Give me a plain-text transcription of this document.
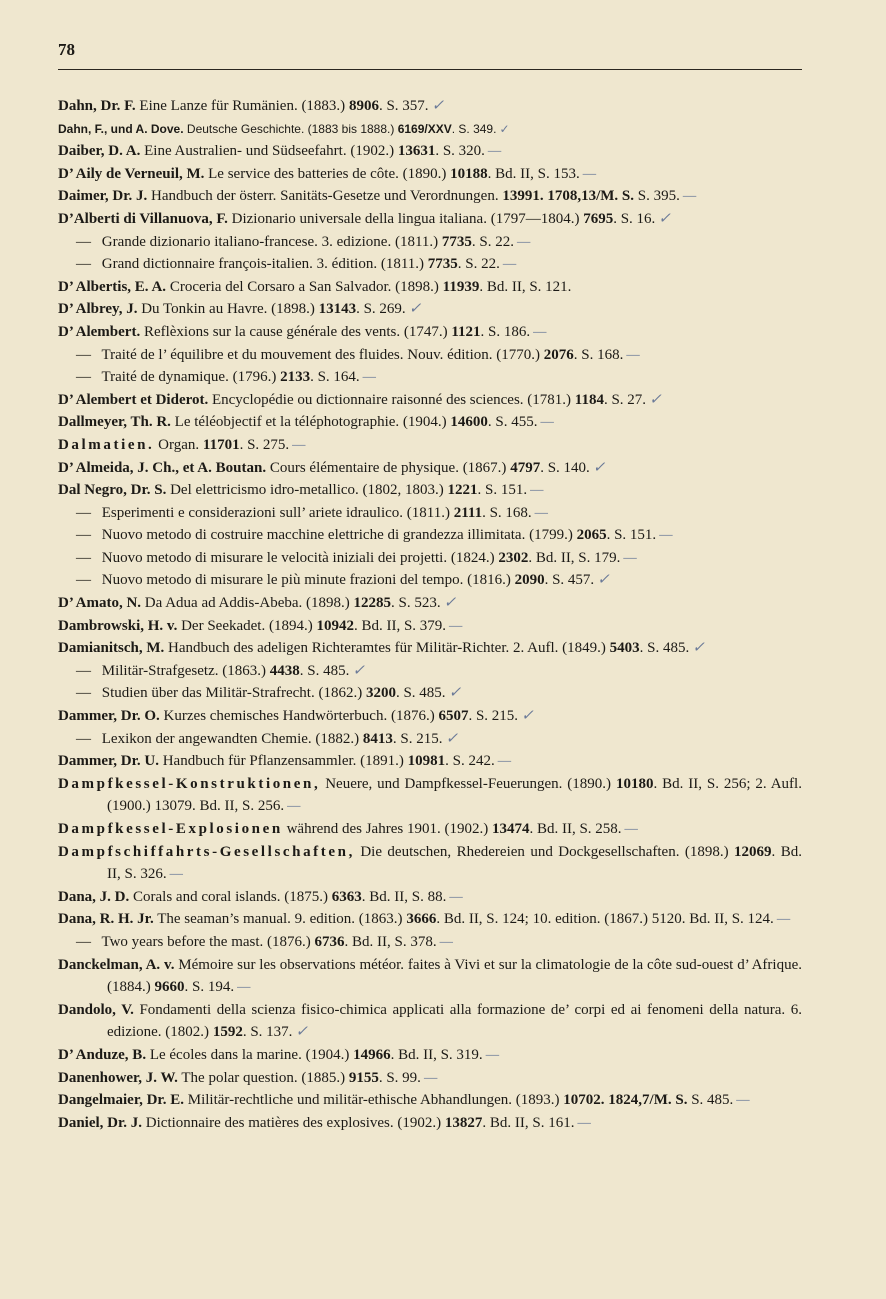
78
Dahn, Dr. F. Eine Lanze für Rumänien. (1883.) 8906. S. 357. ✓
Dahn, F., und A. Dove. Deutsche Geschichte. (1883 bis 1888.) 6169/XXV. S. 349. ✓
Daiber, D. A. Eine Australien- und Südseefahrt. (1902.) 13631. S. 320. —
D’ Aily de Verneuil, M. Le service des batteries de côte. (1890.) 10188. Bd. II, S. 153. —
Daimer, Dr. J. Handbuch der österr. Sanitäts-Gesetze und Verordnungen. 13991. 1708,13/M. S. S. 395. —
D’Alberti di Villanuova, F. Dizionario universale della lingua italiana. (1797—1804.) 7695. S. 16. ✓
— Grande dizionario italiano-francese. 3. edizione. (1811.) 7735. S. 22. —
— Grand dictionnaire françois-italien. 3. édition. (1811.) 7735. S. 22. —
D’ Albertis, E. A. Croceria del Corsaro a San Salvador. (1898.) 11939. Bd. II, S. 121.
D’ Albrey, J. Du Tonkin au Havre. (1898.) 13143. S. 269. ✓
D’ Alembert. Reflèxions sur la cause générale des vents. (1747.) 1121. S. 186. —
— Traité de l’ équilibre et du mouvement des fluides. Nouv. édition. (1770.) 2076. S. 168. —
— Traité de dynamique. (1796.) 2133. S. 164. —
D’ Alembert et Diderot. Encyclopédie ou dictionnaire raisonné des sciences. (1781.) 1184. S. 27. ✓
Dallmeyer, Th. R. Le téléobjectif et la téléphotographie. (1904.) 14600. S. 455. —
Dalmatien. Organ. 11701. S. 275. —
D’ Almeida, J. Ch., et A. Boutan. Cours élémentaire de physique. (1867.) 4797. S. 140. ✓
Dal Negro, Dr. S. Del elettricismo idro-metallico. (1802, 1803.) 1221. S. 151. —
— Esperimenti e considerazioni sull’ ariete idraulico. (1811.) 2111. S. 168. —
— Nuovo metodo di costruire macchine elettriche di grandezza illimitata. (1799.) 2065. S. 151. —
— Nuovo metodo di misurare le velocità iniziali dei projetti. (1824.) 2302. Bd. II, S. 179. —
— Nuovo metodo di misurare le più minute frazioni del tempo. (1816.) 2090. S. 457. ✓
D’ Amato, N. Da Adua ad Addis-Abeba. (1898.) 12285. S. 523. ✓
Dambrowski, H. v. Der Seekadet. (1894.) 10942. Bd. II, S. 379. —
Damianitsch, M. Handbuch des adeligen Richteramtes für Militär-Richter. 2. Aufl. (1849.) 5403. S. 485. ✓
— Militär-Strafgesetz. (1863.) 4438. S. 485. ✓
— Studien über das Militär-Strafrecht. (1862.) 3200. S. 485. ✓
Dammer, Dr. O. Kurzes chemisches Handwörterbuch. (1876.) 6507. S. 215. ✓
— Lexikon der angewandten Chemie. (1882.) 8413. S. 215. ✓
Dammer, Dr. U. Handbuch für Pflanzensammler. (1891.) 10981. S. 242. —
Dampfkessel-Konstruktionen, Neuere, und Dampfkessel-Feuerungen. (1890.) 10180. Bd. II, S. 256; 2. Aufl. (1900.) 13079. Bd. II, S. 256. —
Dampfkessel-Explosionen während des Jahres 1901. (1902.) 13474. Bd. II, S. 258. —
Dampfschiffahrts-Gesellschaften, Die deutschen, Rhedereien und Dockgesellschaften. (1898.) 12069. Bd. II, S. 326. —
Dana, J. D. Corals and coral islands. (1875.) 6363. Bd. II, S. 88. —
Dana, R. H. Jr. The seaman’s manual. 9. edition. (1863.) 3666. Bd. II, S. 124; 10. edition. (1867.) 5120. Bd. II, S. 124. —
— Two years before the mast. (1876.) 6736. Bd. II, S. 378. —
Danckelman, A. v. Mémoire sur les observations météor. faites à Vivi et sur la climatologie de la côte sud-ouest d’ Afrique. (1884.) 9660. S. 194. —
Dandolo, V. Fondamenti della scienza fisico-chimica applicati alla formazione de’ corpi ed ai fenomeni della natura. 6. edizione. (1802.) 1592. S. 137. ✓
D’ Anduze, B. Le écoles dans la marine. (1904.) 14966. Bd. II, S. 319. —
Danenhower, J. W. The polar question. (1885.) 9155. S. 99. —
Dangelmaier, Dr. E. Militär-rechtliche und militär-ethische Abhandlungen. (1893.) 10702. 1824,7/M. S. S. 485. —
Daniel, Dr. J. Dictionnaire des matières des explosives. (1902.) 13827. Bd. II, S. 161. —
